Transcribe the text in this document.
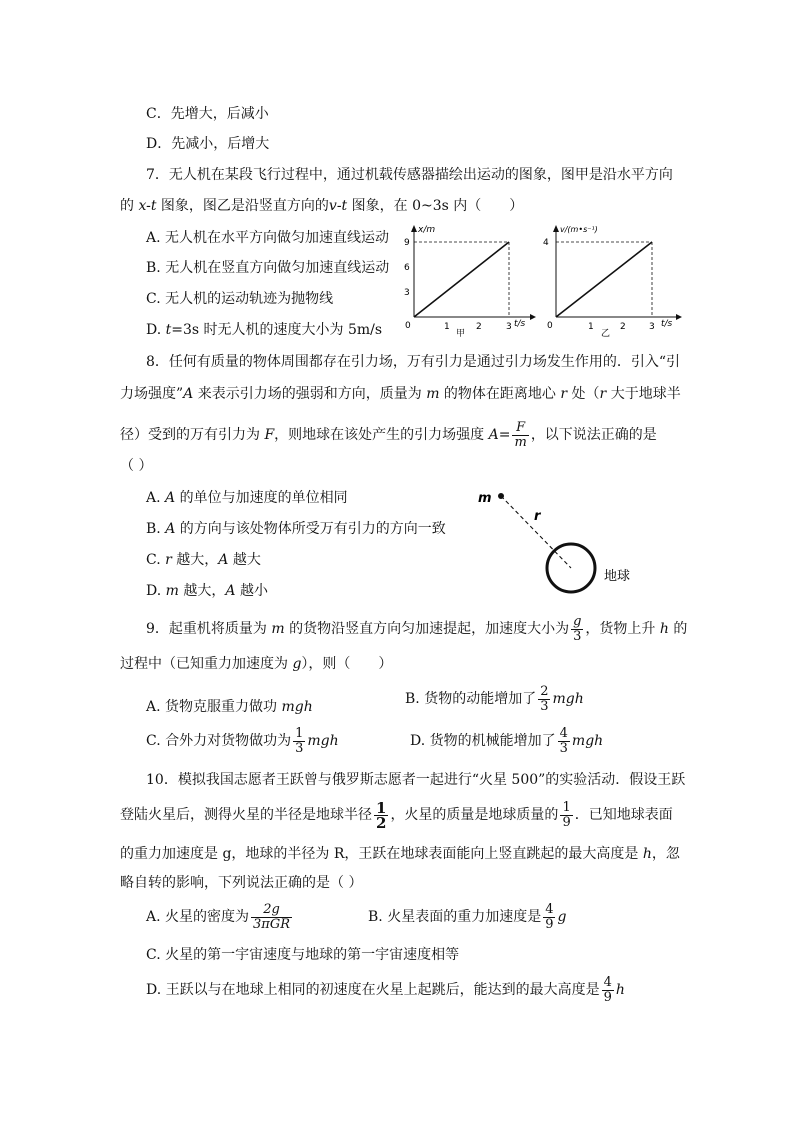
C．先增大，后减小
D．先减小，后增大
7．无人机在某段飞行过程中，通过机载传感器描绘出运动的图象，图甲是沿水平方向
的 x-t 图象，图乙是沿竖直方向的v-t 图象，在 0~3s 内（　　）
A. 无人机在水平方向做匀加速直线运动
B. 无人机在竖直方向做匀加速直线运动
C. 无人机的运动轨迹为抛物线
D. t=3s 时无人机的速度大小为 5m/s
x/m
t/s
0
3
6
9
1	2	3
甲
v/(m•s⁻¹)
t/s
0
4
1	2	3
乙
8．任何有质量的物体周围都存在引力场，万有引力是通过引力场发生作用的．引入“引
力场强度”A 来表示引力场的强弱和方向，质量为 m 的物体在距离地心 r 处（r 大于地球半
径）受到的万有引力为 F，则地球在该处产生的引力场强度 $A= \frac{F}{m}$ ，以下说法正确的是
（ ）
A. A 的单位与加速度的单位相同
B. A 的方向与该处物体所受万有引力的方向一致
C. r 越大，A 越大
D. m 越大，A 越小
m
r
地球
9．起重机将质量为 m 的货物沿竖直方向匀加速提起，加速度大小为 $\frac{g}{3}$ ，货物上升 h 的
过程中（已知重力加速度为 g），则（　　）
A. 货物克服重力做功 mgh	B. 货物的动能增加了 $\frac{2}{3}$ mgh
C. 合外力对货物做功为 $\frac{1}{3}$ mgh	D. 货物的机械能增加了 $\frac{4}{3}$ mgh
10．模拟我国志愿者王跃曾与俄罗斯志愿者一起进行“火星 500”的实验活动．假设王跃
登陆火星后，测得火星的半径是地球半径 $\frac{1}{2}$ ，火星的质量是地球质量的 $\frac{1}{9}$ ．已知地球表面
的重力加速度是 g，地球的半径为 R，王跃在地球表面能向上竖直跳起的最大高度是 h，忽
略自转的影响，下列说法正确的是（ ）
A. 火星的密度为 $\frac{2g}{\text{3πGR}}$	B. 火星表面的重力加速度是 $\frac{4}{9}$ g
C. 火星的第一宇宙速度与地球的第一宇宙速度相等
D. 王跃以与在地球上相同的初速度在火星上起跳后，能达到的最大高度是 $\frac{4}{9}$ h
